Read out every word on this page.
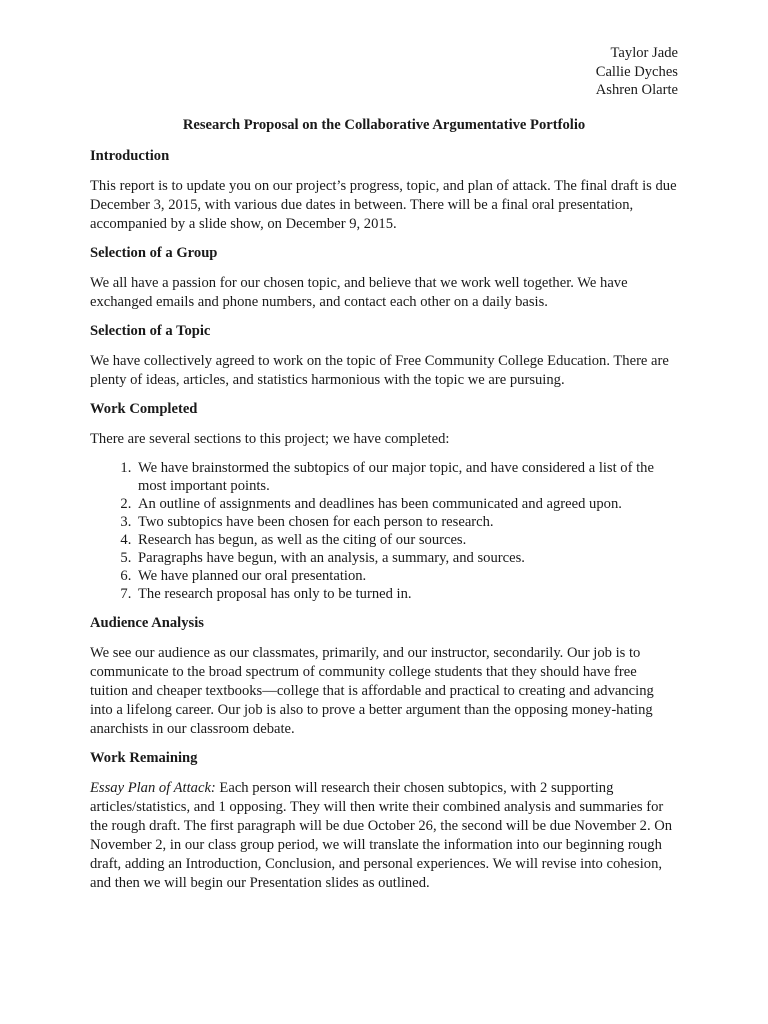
Taylor Jade
Callie Dyches
Ashren Olarte
Research Proposal on the Collaborative Argumentative Portfolio
Introduction

This report is to update you on our project’s progress, topic, and plan of attack. The final draft is due December 3, 2015, with various due dates in between. There will be a final oral presentation, accompanied by a slide show, on December 9, 2015.

Selection of a Group

We all have a passion for our chosen topic, and believe that we work well together. We have exchanged emails and phone numbers, and contact each other on a daily basis.

Selection of a Topic

We have collectively agreed to work on the topic of Free Community College Education. There are plenty of ideas, articles, and statistics harmonious with the topic we are pursuing.

Work Completed

There are several sections to this project; we have completed:

1. We have brainstormed the subtopics of our major topic, and have considered a list of the most important points.
2. An outline of assignments and deadlines has been communicated and agreed upon.
3. Two subtopics have been chosen for each person to research.
4. Research has begun, as well as the citing of our sources.
5. Paragraphs have begun, with an analysis, a summary, and sources.
6. We have planned our oral presentation.
7. The research proposal has only to be turned in.
Audience Analysis

We see our audience as our classmates, primarily, and our instructor, secondarily. Our job is to communicate to the broad spectrum of community college students that they should have free tuition and cheaper textbooks—college that is affordable and practical to creating and advancing into a lifelong career. Our job is also to prove a better argument than the opposing money-hating anarchists in our classroom debate.

Work Remaining

Essay Plan of Attack: Each person will research their chosen subtopics, with 2 supporting articles/statistics, and 1 opposing. They will then write their combined analysis and summaries for the rough draft. The first paragraph will be due October 26, the second will be due November 2. On November 2, in our class group period, we will translate the information into our beginning rough draft, adding an Introduction, Conclusion, and personal experiences. We will revise into cohesion, and then we will begin our Presentation slides as outlined.
